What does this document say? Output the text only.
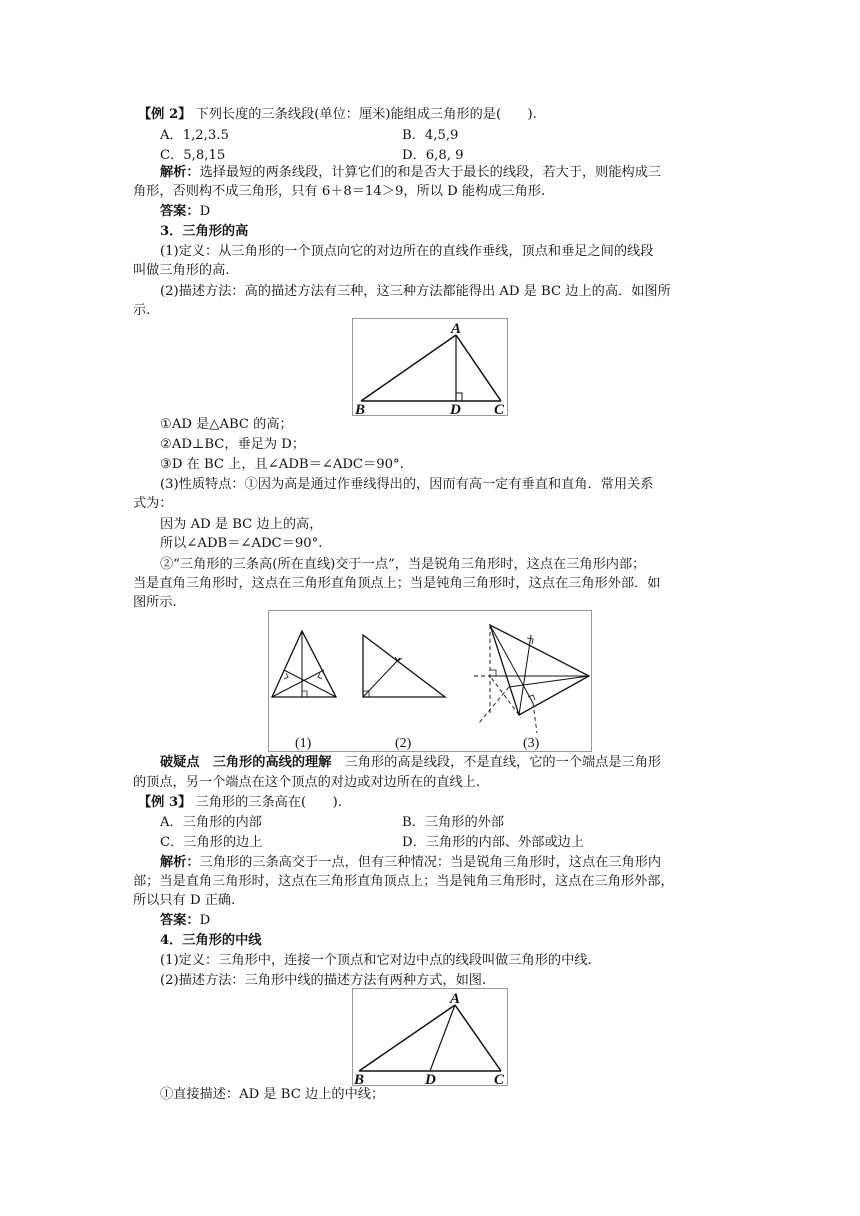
【例 2】 下列长度的三条线段(单位：厘米)能组成三角形的是(　　).
A．1,2,3.5	B．4,5,9
C．5,8,15	D．6,8, 9
解析：选择最短的两条线段，计算它们的和是否大于最长的线段，若大于，则能构成三
角形，否则构不成三角形，只有 6＋8＝14＞9，所以 D 能构成三角形.
答案：D
3．三角形的高
(1)定义：从三角形的一个顶点向它的对边所在的直线作垂线，顶点和垂足之间的线段
叫做三角形的高.
(2)描述方法：高的描述方法有三种，这三种方法都能得出 AD 是 BC 边上的高．如图所
示.
A
B	D C
①AD 是△ABC 的高；
②AD⊥BC，垂足为 D；
③D 在 BC 上，且∠ADB＝∠ADC＝90°.
(3)性质特点：①因为高是通过作垂线得出的，因而有高一定有垂直和直角．常用关系
式为：
因为 AD 是 BC 边上的高，
所以∠ADB＝∠ADC＝90°.
②“三角形的三条高(所在直线)交于一点”，当是锐角三角形时，这点在三角形内部；
当是直角三角形时，这点在三角形直角顶点上；当是钝角三角形时，这点在三角形外部．如
图所示.
(1)	(2)	(3)
破疑点　三角形的高线的理解　三角形的高是线段，不是直线，它的一个端点是三角形
的顶点，另一个端点在这个顶点的对边或对边所在的直线上.
【例 3】 三角形的三条高在(　　).
A．三角形的内部	B．三角形的外部
C．三角形的边上	D．三角形的内部、外部或边上
解析：三角形的三条高交于一点，但有三种情况：当是锐角三角形时，这点在三角形内
部；当是直角三角形时，这点在三角形直角顶点上；当是钝角三角形时，这点在三角形外部，
所以只有 D 正确.
答案：D
4．三角形的中线
(1)定义：三角形中，连接一个顶点和它对边中点的线段叫做三角形的中线.
(2)描述方法：三角形中线的描述方法有两种方式，如图.
A
B	D	C
①直接描述：AD 是 BC 边上的中线；
